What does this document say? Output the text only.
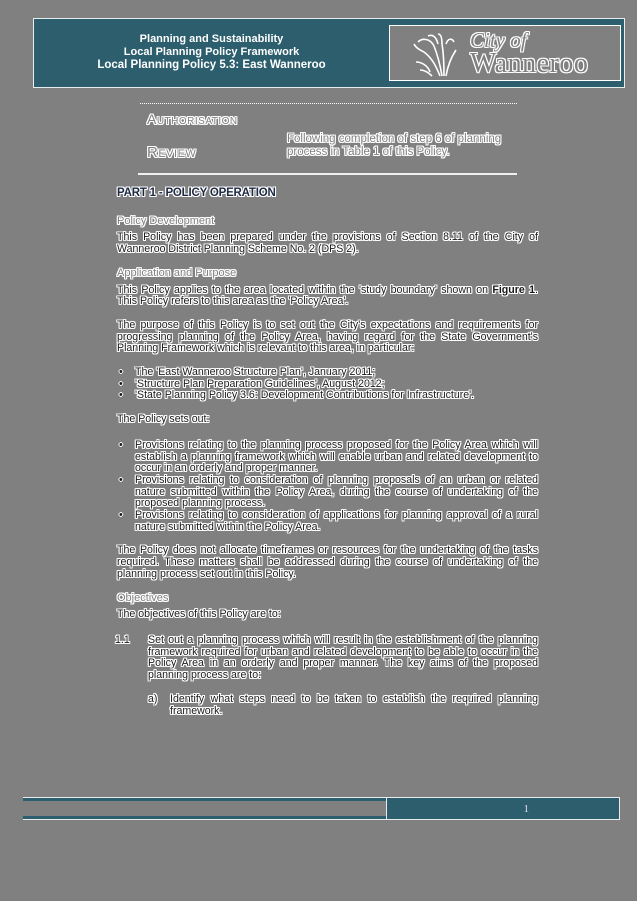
Planning and Sustainability
Local Planning Policy Framework
Local Planning Policy 5.3: East Wanneroo
City of
Wanneroo
Authorisation
Review
Following completion of step 6 of planning process in Table 1 of this Policy.
PART 1 - POLICY OPERATION
Policy Development

This Policy has been prepared under the provisions of Section 8.11 of the City of Wanneroo District Planning Scheme No. 2 (DPS 2).

Application and Purpose

This Policy applies to the area located within the 'study boundary' shown on Figure 1. This Policy refers to this area as the 'Policy Area'.

The purpose of this Policy is to set out the City's expectations and requirements for progressing planning of the Policy Area, having regard for the State Government's Planning Framework which is relevant to this area, in particular:

• The 'East Wanneroo Structure Plan', January 2011;
• 'Structure Plan Preparation Guidelines', August 2012;
• 'State Planning Policy 3.6: Development Contributions for Infrastructure'.

The Policy sets out:

• Provisions relating to the planning process proposed for the Policy Area which will establish a planning framework which will enable urban and related development to occur in an orderly and proper manner.
• Provisions relating to consideration of planning proposals of an urban or related nature submitted within the Policy Area, during the course of undertaking of the proposed planning process.
• Provisions relating to consideration of applications for planning approval of a rural nature submitted within the Policy Area.

The Policy does not allocate timeframes or resources for the undertaking of the tasks required. These matters shall be addressed during the course of undertaking of the planning process set out in this Policy.

Objectives

The objectives of this Policy are to:

1.1 Set out a planning process which will result in the establishment of the planning framework required for urban and related development to be able to occur in the Policy Area in an orderly and proper manner. The key aims of the proposed planning process are to:
a) Identify what steps need to be taken to establish the required planning framework.
1
